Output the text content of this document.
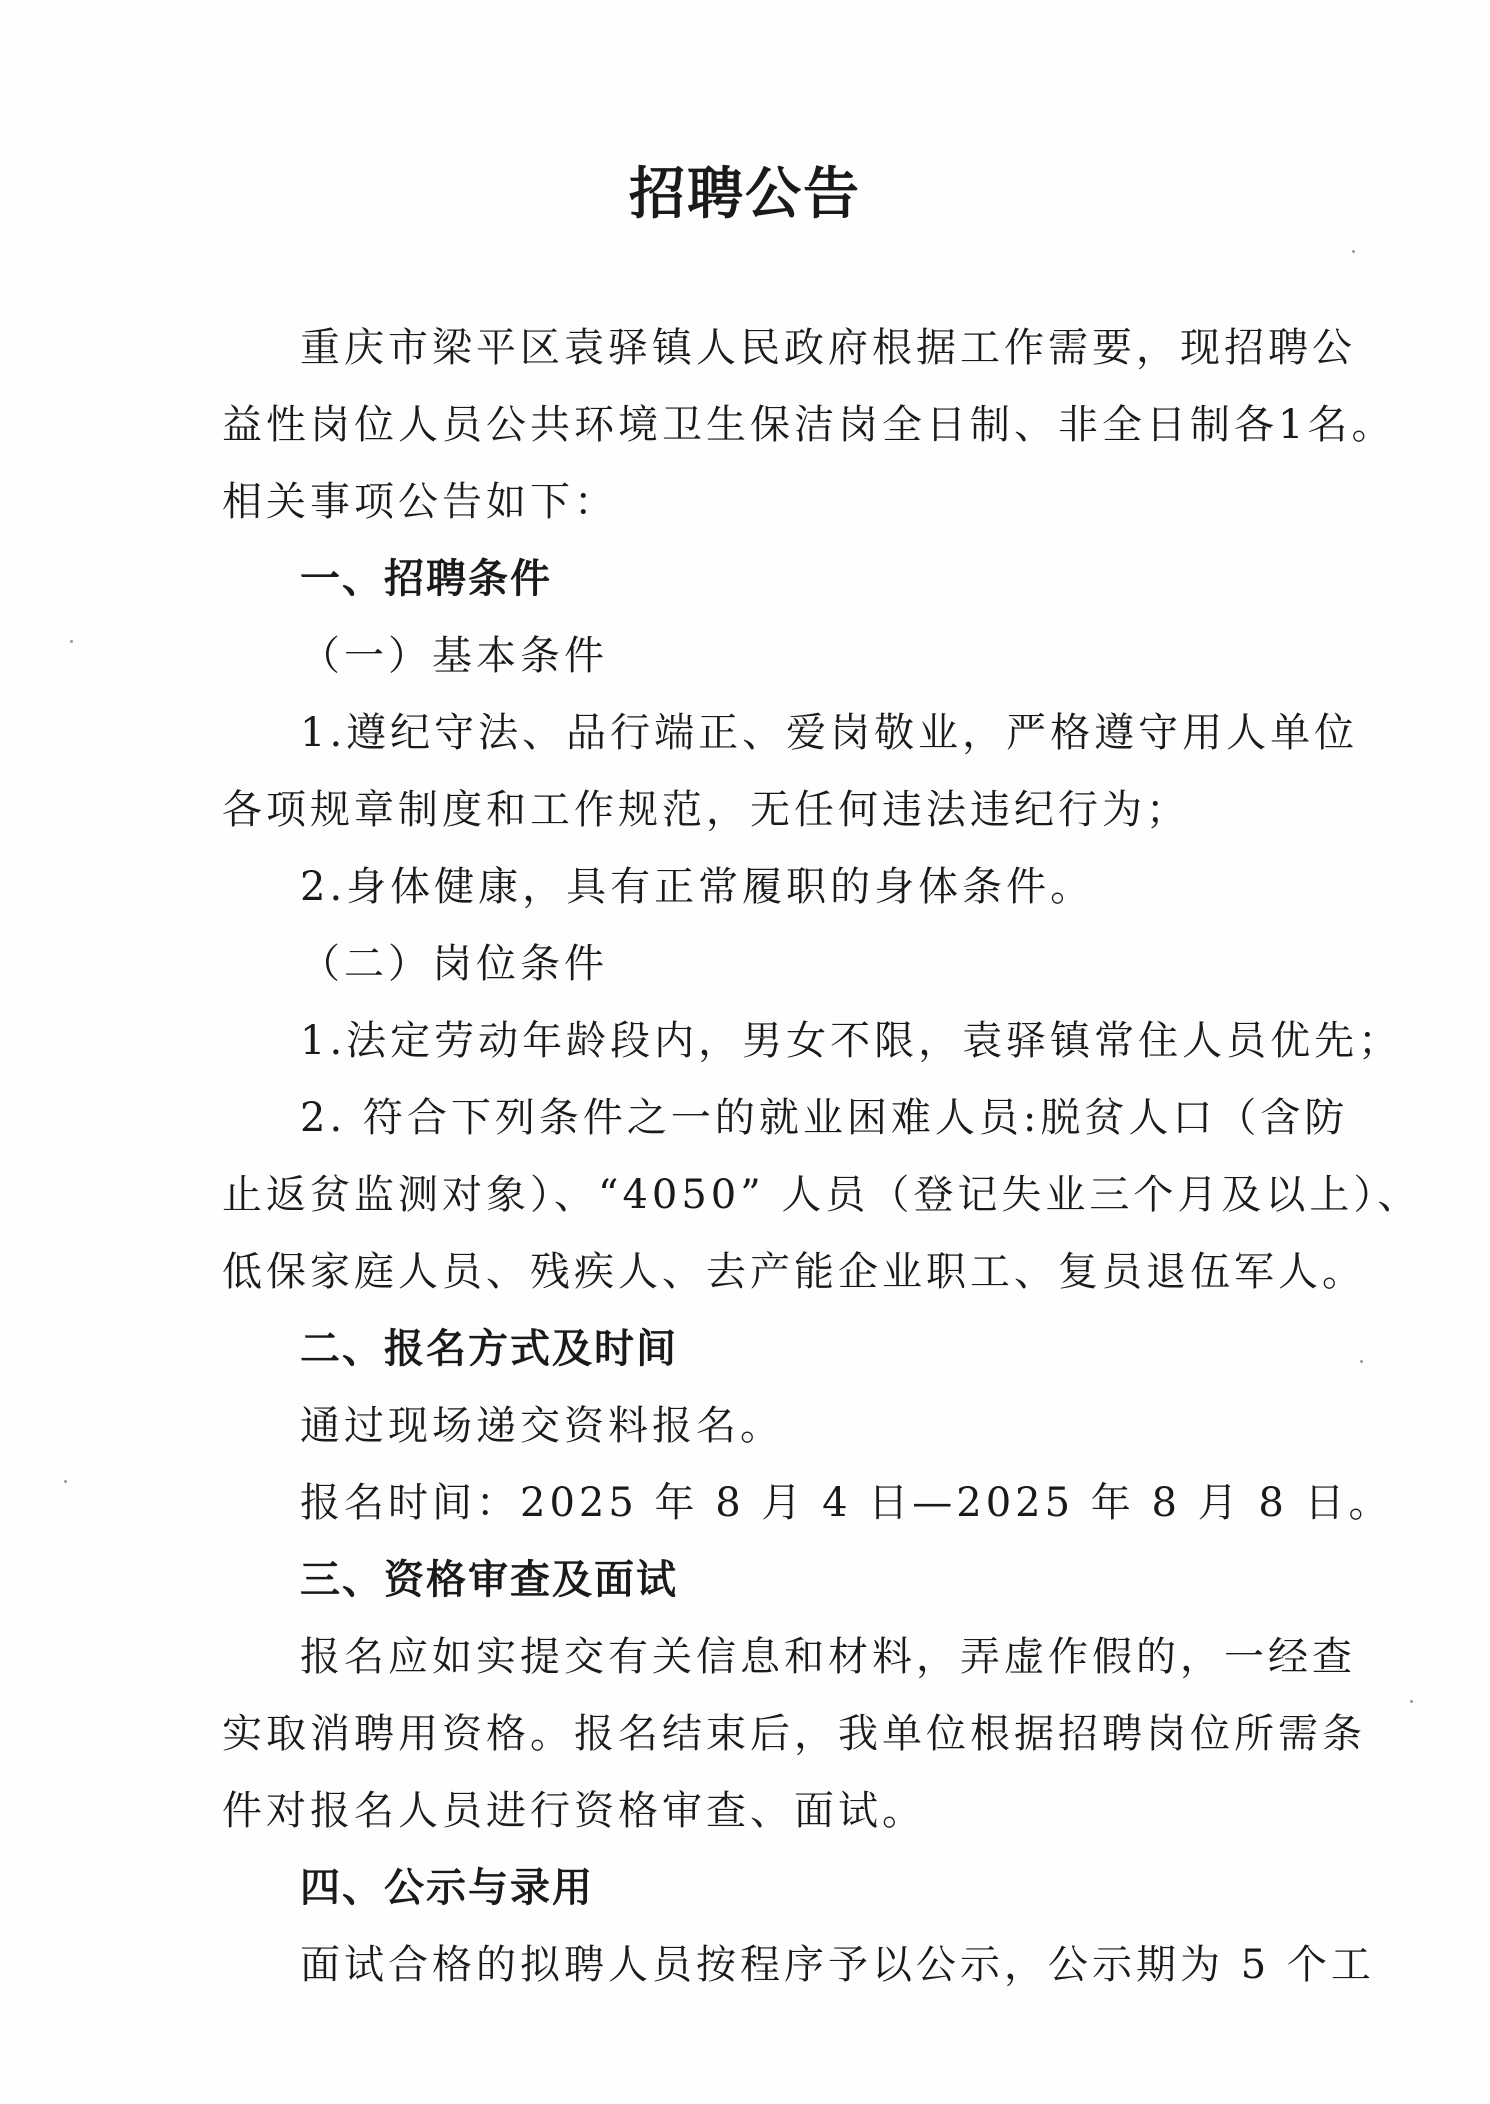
招聘公告
重庆市梁平区袁驿镇人民政府根据工作需要，现招聘公
益性岗位人员公共环境卫生保洁岗全日制、非全日制各1名。
相关事项公告如下：
一、招聘条件
（一）基本条件
1.遵纪守法、品行端正、爱岗敬业，严格遵守用人单位
各项规章制度和工作规范，无任何违法违纪行为；
2.身体健康，具有正常履职的身体条件。
（二）岗位条件
1.法定劳动年龄段内，男女不限，袁驿镇常住人员优先；
2. 符合下列条件之一的就业困难人员:脱贫人口（含防
止返贫监测对象）、“4050” 人员（登记失业三个月及以上）、
低保家庭人员、残疾人、去产能企业职工、复员退伍军人。
二、报名方式及时间
通过现场递交资料报名。
报名时间：2025 年 8 月 4 日—2025 年 8 月 8 日。
三、资格审查及面试
报名应如实提交有关信息和材料，弄虚作假的，一经查
实取消聘用资格。报名结束后，我单位根据招聘岗位所需条
件对报名人员进行资格审查、面试。
四、公示与录用
面试合格的拟聘人员按程序予以公示，公示期为 5 个工
